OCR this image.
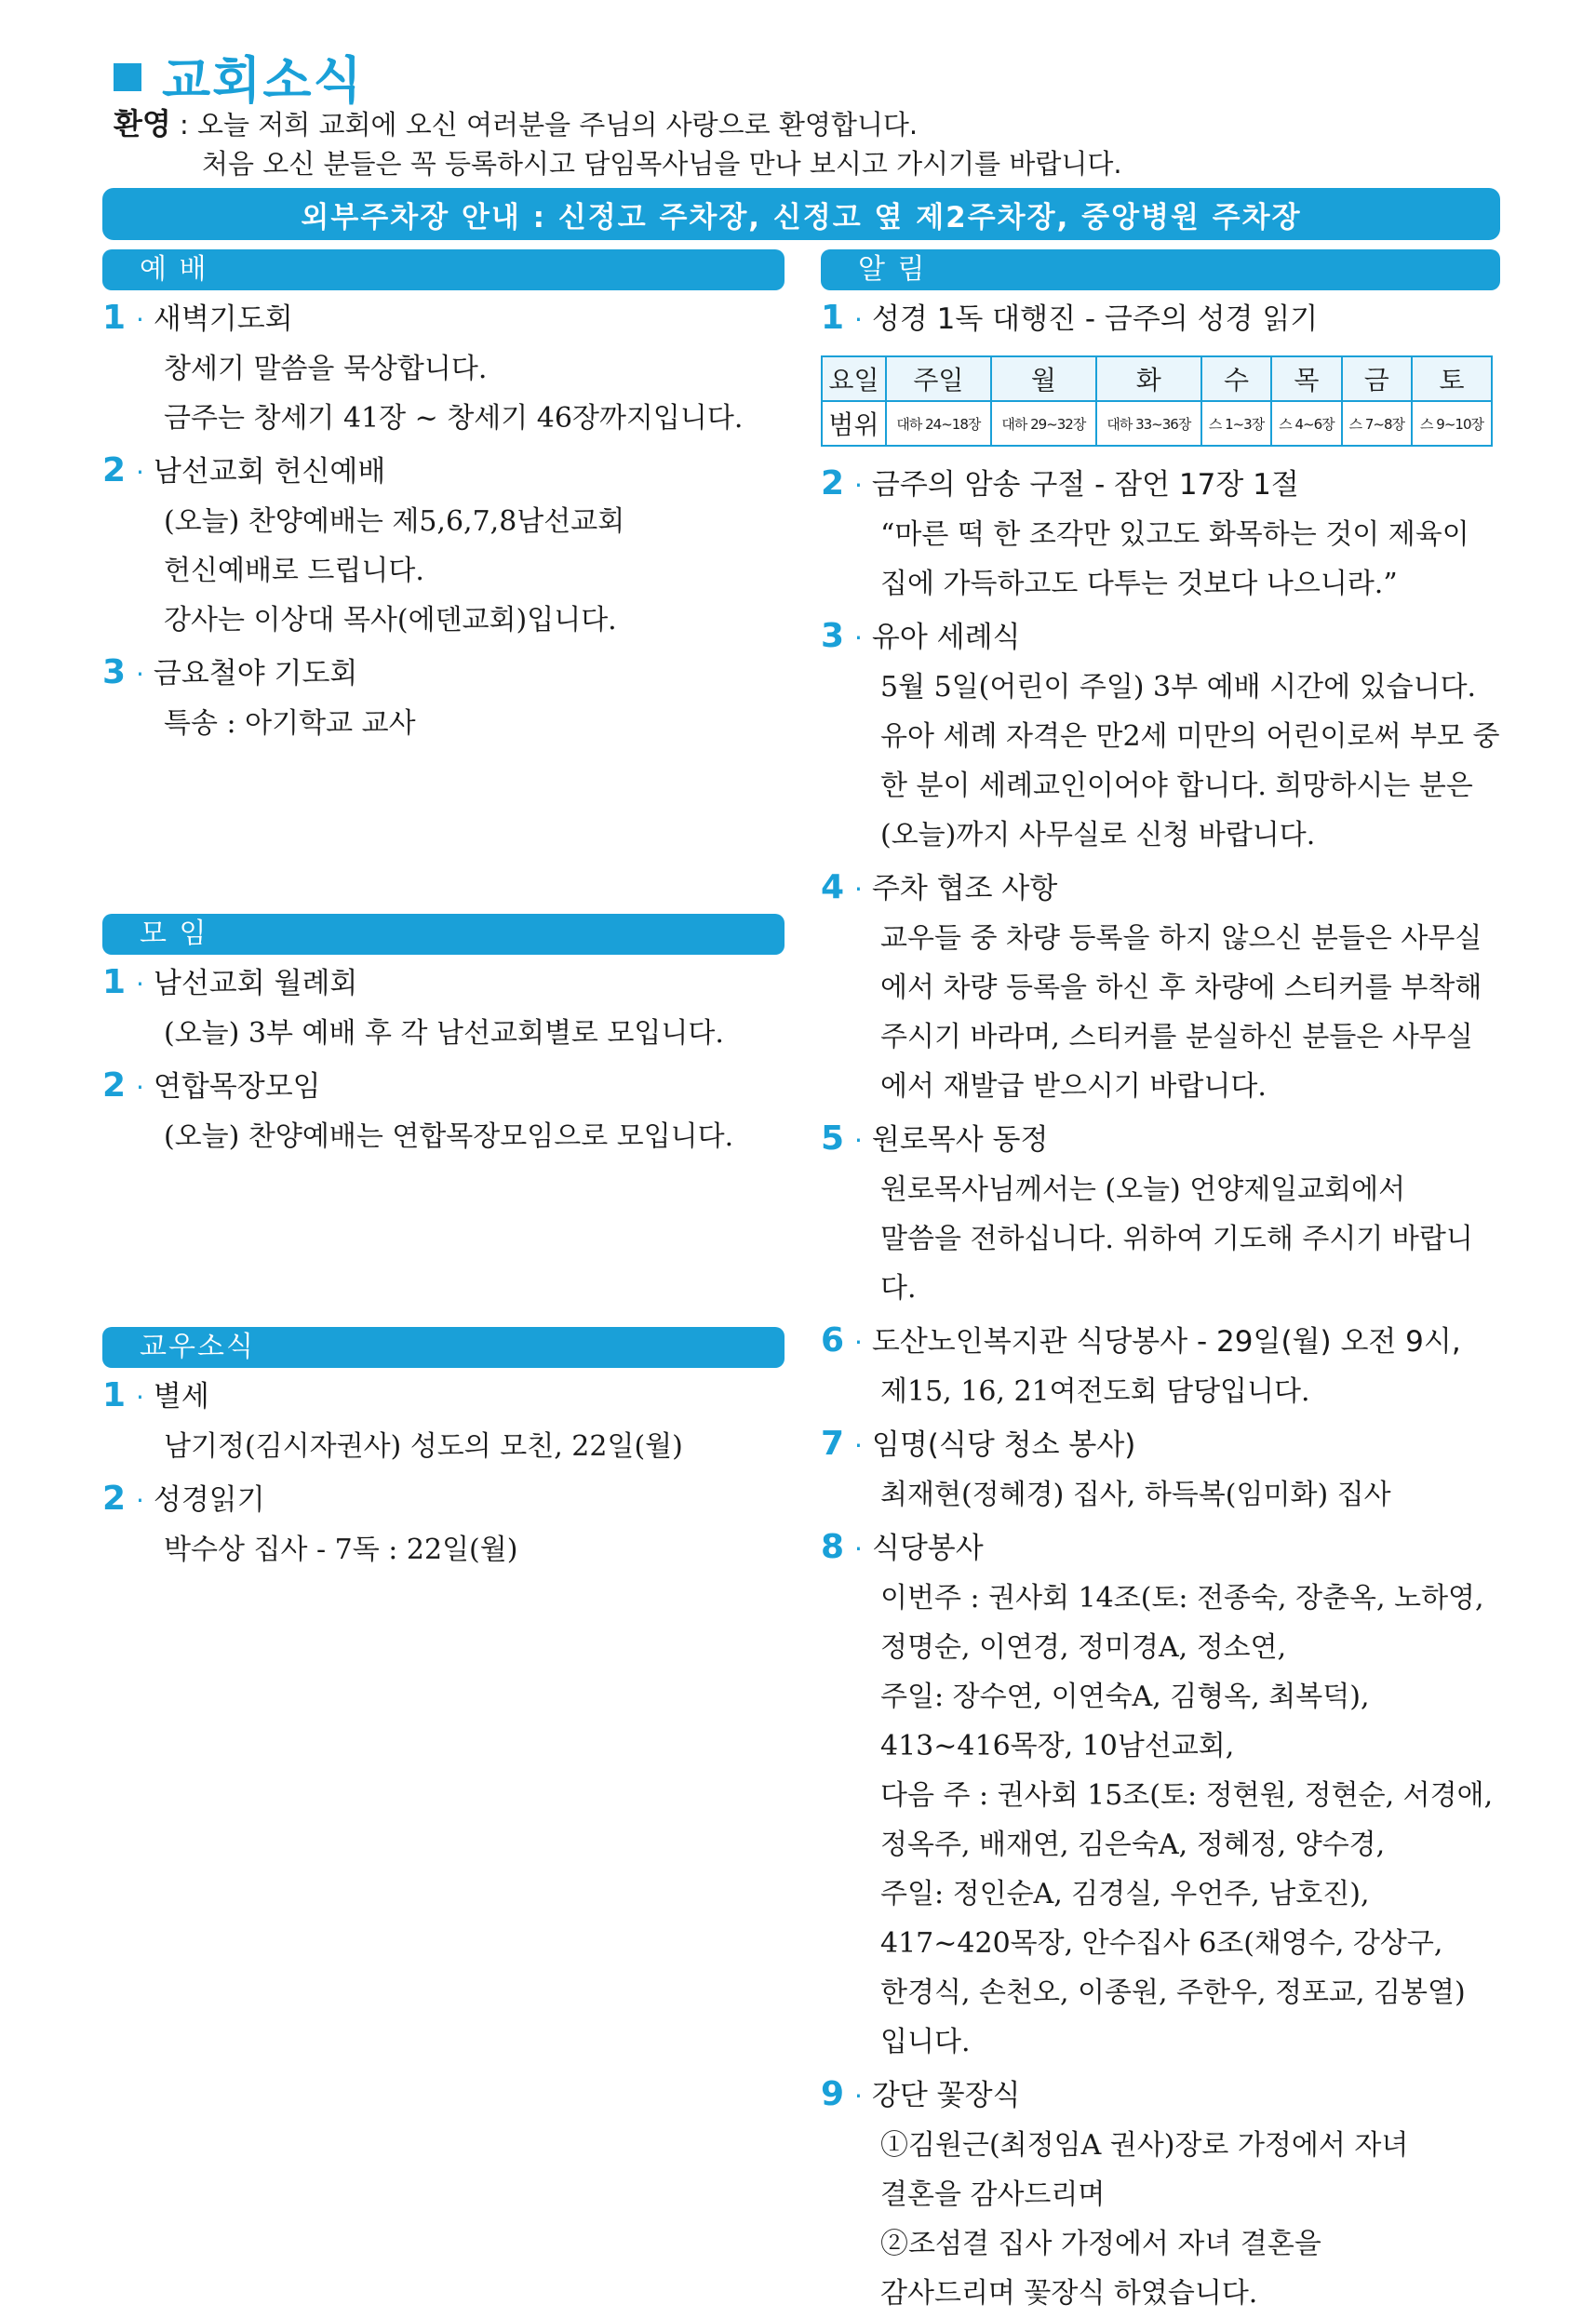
교회소식
환영 : 오늘 저희 교회에 오신 여러분을 주님의 사랑으로 환영합니다.
처음 오신 분들은 꼭 등록하시고 담임목사님을 만나 보시고 가시기를 바랍니다.
외부주차장 안내 : 신정고 주차장, 신정고 옆 제2주차장, 중앙병원 주차장
예 배
1 · 새벽기도회
창세기 말씀을 묵상합니다.
금주는 창세기 41장 ~ 창세기 46장까지입니다.
2 · 남선교회 헌신예배
(오늘) 찬양예배는 제5,6,7,8남선교회
헌신예배로 드립니다.
강사는 이상대 목사(에덴교회)입니다.
3 · 금요철야 기도회
특송 : 아기학교 교사
모 임
1 · 남선교회 월례회
(오늘) 3부 예배 후 각 남선교회별로 모입니다.
2 · 연합목장모임
(오늘) 찬양예배는 연합목장모임으로 모입니다.
교우소식
1 · 별세
남기정(김시자권사) 성도의 모친, 22일(월)
2 · 성경읽기
박수상 집사 - 7독 : 22일(월)
알 림
1 · 성경 1독 대행진 - 금주의 성경 읽기
요일	주일	월	화	수	목	금	토
범위	대하 24~18장	대하 29~32장	대하 33~36장	스 1~3장	스 4~6장	스 7~8장	스 9~10장
2 · 금주의 암송 구절 - 잠언 17장 1절
“마른 떡 한 조각만 있고도 화목하는 것이 제육이
집에 가득하고도 다투는 것보다 나으니라.”
3 · 유아 세례식
5월 5일(어린이 주일) 3부 예배 시간에 있습니다.
유아 세례 자격은 만2세 미만의 어린이로써 부모 중
한 분이 세례교인이어야 합니다. 희망하시는 분은
(오늘)까지 사무실로 신청 바랍니다.
4 · 주차 협조 사항
교우들 중 차량 등록을 하지 않으신 분들은 사무실
에서 차량 등록을 하신 후 차량에 스티커를 부착해
주시기 바라며, 스티커를 분실하신 분들은 사무실
에서 재발급 받으시기 바랍니다.
5 · 원로목사 동정
원로목사님께서는 (오늘) 언양제일교회에서
말씀을 전하십니다. 위하여 기도해 주시기 바랍니다.
6 · 도산노인복지관 식당봉사 - 29일(월) 오전 9시,
제15, 16, 21여전도회 담당입니다.
7 · 임명(식당 청소 봉사)
최재현(정혜경) 집사, 하득복(임미화) 집사
8 · 식당봉사
이번주 : 권사회 14조(토: 전종숙, 장춘옥, 노하영,
정명순, 이연경, 정미경A, 정소연,
주일: 장수연, 이연숙A, 김형옥, 최복덕),
413~416목장, 10남선교회,
다음 주 : 권사회 15조(토: 정현원, 정현순, 서경애,
정옥주, 배재연, 김은숙A, 정혜정, 양수경,
주일: 정인순A, 김경실, 우언주, 남호진),
417~420목장, 안수집사 6조(채영수, 강상구,
한경식, 손천오, 이종원, 주한우, 정포교, 김봉열)
입니다.
9 · 강단 꽃장식
①김원근(최정임A 권사)장로 가정에서 자녀
결혼을 감사드리며
②조섬결 집사 가정에서 자녀 결혼을
감사드리며 꽃장식 하였습니다.
